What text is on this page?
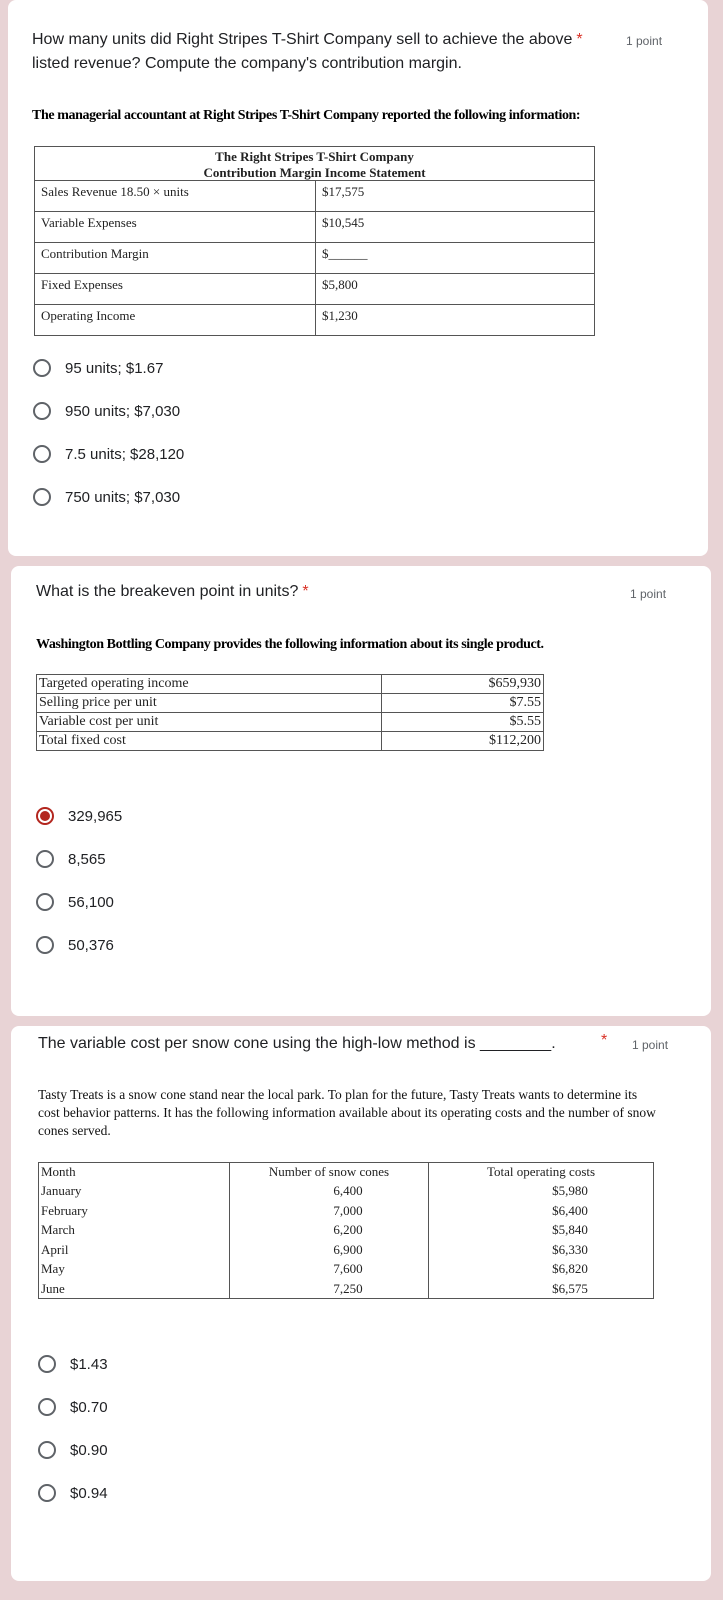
How many units did Right Stripes T-Shirt Company sell to achieve the above *
listed revenue? Compute the company's contribution margin.
1 point
The managerial accountant at Right Stripes T-Shirt Company reported the following information:
The Right Stripes T-Shirt Company
Contribution Margin Income Statement
Sales Revenue 18.50 × units	$17,575
Variable Expenses	$10,545
Contribution Margin	$______
Fixed Expenses	$5,800
Operating Income	$1,230
95 units; $1.67
950 units; $7,030
7.5 units; $28,120
750 units; $7,030
What is the breakeven point in units? *	1 point
Washington Bottling Company provides the following information about its single product.
Targeted operating income	$659,930
Selling price per unit	$7.55
Variable cost per unit	$5.55
Total fixed cost	$112,200
329,965
8,565
56,100
50,376
The variable cost per snow cone using the high-low method is ________.	* 1 point
Tasty Treats is a snow cone stand near the local park. To plan for the future, Tasty Treats wants to determine its cost behavior patterns. It has the following information available about its operating costs and the number of snow cones served.
Month	Number of snow cones	Total operating costs
January	6,400	$5,980
February	7,000	$6,400
March	6,200	$5,840
April	6,900	$6,330
May	7,600	$6,820
June	7,250	$6,575
$1.43
$0.70
$0.90
$0.94
